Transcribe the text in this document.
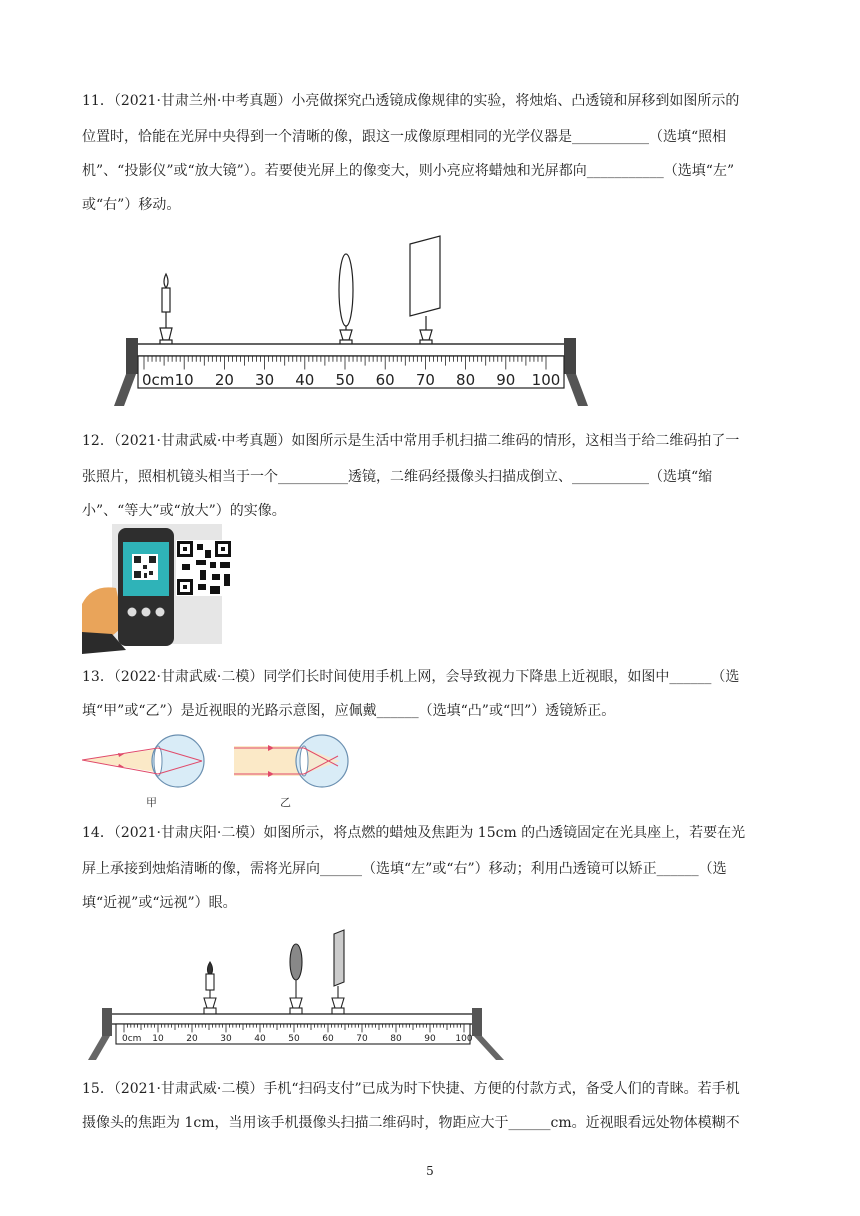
11．（2021·甘肃兰州·中考真题）小亮做探究凸透镜成像规律的实验，将烛焰、凸透镜和屏移到如图所示的
位置时，恰能在光屏中央得到一个清晰的像，跟这一成像原理相同的光学仪器是___________（选填“照相
机”、“投影仪”或“放大镜”）。若要使光屏上的像变大，则小亮应将蜡烛和光屏都向___________（选填“左”
或“右”）移动。
0cm 10 20 30 40 50 60 70 80 90 100
12．（2021·甘肃武威·中考真题）如图所示是生活中常用手机扫描二维码的情形，这相当于给二维码拍了一
张照片，照相机镜头相当于一个__________透镜，二维码经摄像头扫描成倒立、___________（选填“缩
小”、“等大”或“放大”）的实像。
13．（2022·甘肃武威·二模）同学们长时间使用手机上网，会导致视力下降患上近视眼，如图中______（选
填“甲”或“乙”）是近视眼的光路示意图，应佩戴______（选填“凸”或“凹”）透镜矫正。
甲	乙
14．（2021·甘肃庆阳·二模）如图所示，将点燃的蜡烛及焦距为 15cm 的凸透镜固定在光具座上，若要在光
屏上承接到烛焰清晰的像，需将光屏向______（选填“左”或“右”）移动；利用凸透镜可以矫正______（选
填“近视”或“远视”）眼。
0cm 10	20	30	40	50	60	70	80	90 100
15．（2021·甘肃武威·二模）手机“扫码支付”已成为时下快捷、方便的付款方式，备受人们的青睐。若手机
摄像头的焦距为 1cm，当用该手机摄像头扫描二维码时，物距应大于______cm。近视眼看远处物体模糊不
5
